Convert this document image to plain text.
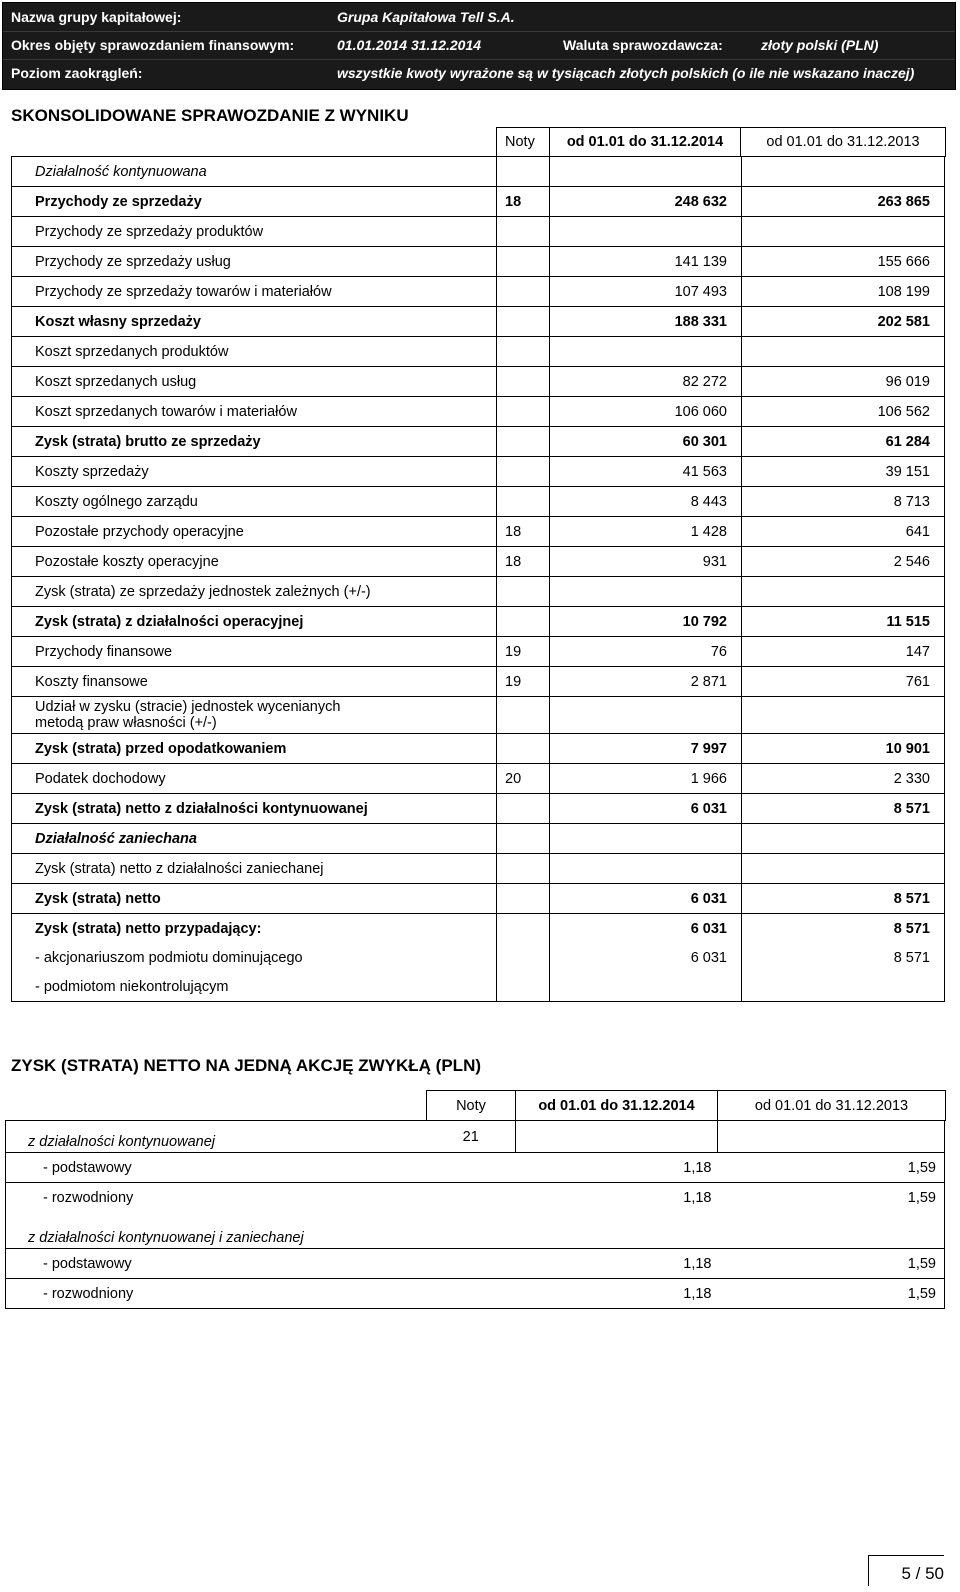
Nazwa grupy kapitałowej:	Grupa Kapitałowa Tell S.A.
Okres objęty sprawozdaniem finansowym:	01.01.2014 31.12.2014	Waluta sprawozdawcza:	złoty polski (PLN)
Poziom zaokrągleń:	wszystkie kwoty wyrażone są w tysiącach złotych polskich (o ile nie wskazano inaczej)
SKONSOLIDOWANE SPRAWOZDANIE Z WYNIKU
Noty	od 01.01 do 31.12.2014	od 01.01 do 31.12.2013
Działalność kontynuowana			
Przychody ze sprzedaży	18	248 632	263 865
Przychody ze sprzedaży produktów			
Przychody ze sprzedaży usług		141 139	155 666
Przychody ze sprzedaży towarów i materiałów		107 493	108 199
Koszt własny sprzedaży		188 331	202 581
Koszt sprzedanych produktów			
Koszt sprzedanych usług		82 272	96 019
Koszt sprzedanych towarów i materiałów		106 060	106 562
Zysk (strata) brutto ze sprzedaży		60 301	61 284
Koszty sprzedaży		41 563	39 151
Koszty ogólnego zarządu		8 443	8 713
Pozostałe przychody operacyjne	18	1 428	641
Pozostałe koszty operacyjne	18	931	2 546
Zysk (strata) ze sprzedaży jednostek zależnych (+/-)			
Zysk (strata) z działalności operacyjnej		10 792	11 515
Przychody finansowe	19	76	147
Koszty finansowe	19	2 871	761

Udział w zysku (stracie) jednostek wycenianych
metodą praw własności (+/-)			

Zysk (strata) przed opodatkowaniem		7 997	10 901
Podatek dochodowy	20	1 966	2 330
Zysk (strata) netto z działalności kontynuowanej		6 031	8 571
Działalność zaniechana			
Zysk (strata) netto z działalności zaniechanej			
Zysk (strata) netto		6 031	8 571
Zysk (strata) netto przypadający:		6 031	8 571
- akcjonariuszom podmiotu dominującego		6 031	8 571
- podmiotom niekontrolującym			
ZYSK (STRATA) NETTO NA JEDNĄ AKCJĘ ZWYKŁĄ (PLN)
Noty	od 01.01 do 31.12.2014	od 01.01 do 31.12.2013
z działalności kontynuowanej	21		
- podstawowy		1,18	1,59
- rozwodniony		1,18	1,59
z działalności kontynuowanej i zaniechanej			
- podstawowy		1,18	1,59
- rozwodniony		1,18	1,59
5 / 50
